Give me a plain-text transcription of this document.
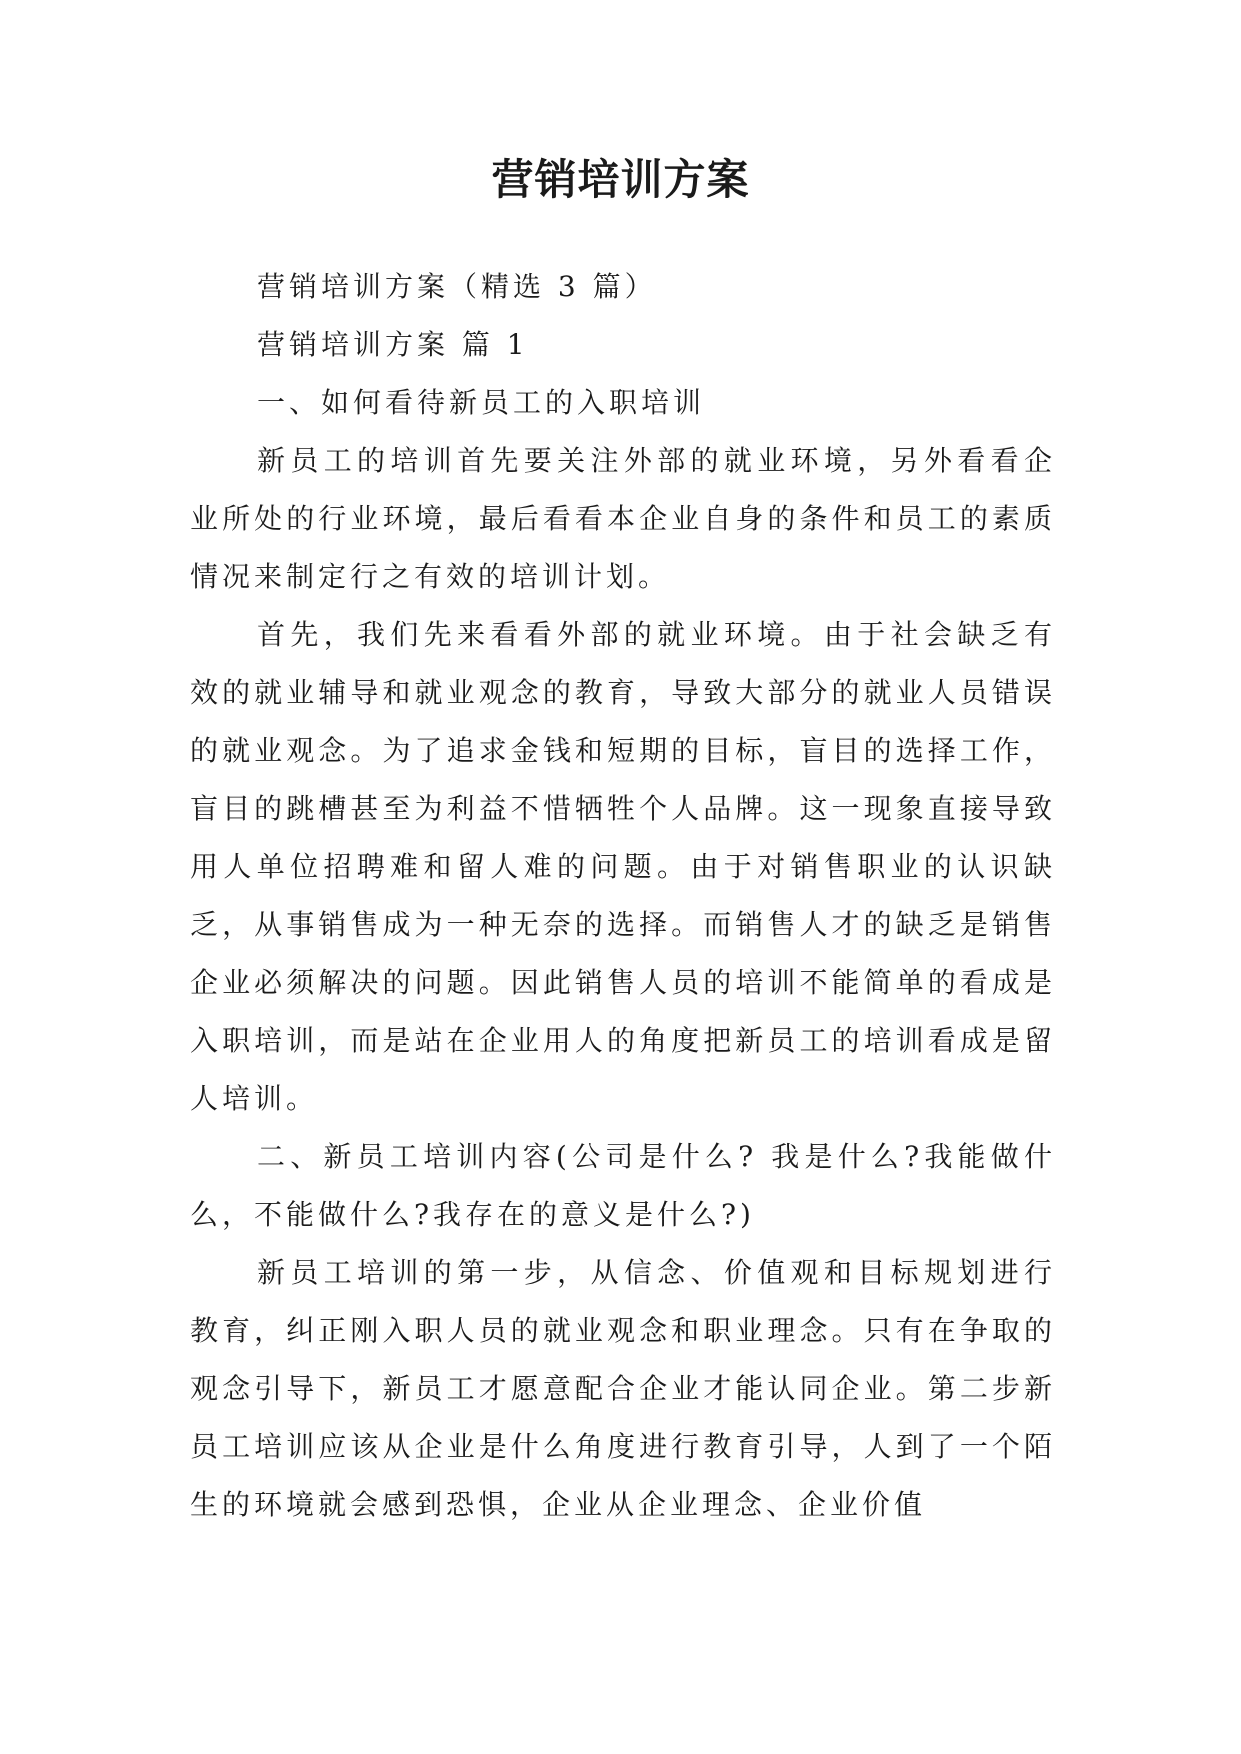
营销培训方案

营销培训方案（精选 3 篇）

营销培训方案 篇 1

一、如何看待新员工的入职培训

新员工的培训首先要关注外部的就业环境，另外看看企业所处的行业环境，最后看看本企业自身的条件和员工的素质情况来制定行之有效的培训计划。

首先，我们先来看看外部的就业环境。由于社会缺乏有效的就业辅导和就业观念的教育，导致大部分的就业人员错误的就业观念。为了追求金钱和短期的目标，盲目的选择工作，盲目的跳槽甚至为利益不惜牺牲个人品牌。这一现象直接导致用人单位招聘难和留人难的问题。由于对销售职业的认识缺乏，从事销售成为一种无奈的选择。而销售人才的缺乏是销售企业必须解决的问题。因此销售人员的培训不能简单的看成是入职培训，而是站在企业用人的角度把新员工的培训看成是留人培训。

二、新员工培训内容(公司是什么? 我是什么?我能做什么，不能做什么?我存在的意义是什么?)

新员工培训的第一步，从信念、价值观和目标规划进行教育，纠正刚入职人员的就业观念和职业理念。只有在争取的观念引导下，新员工才愿意配合企业才能认同企业。第二步新员工培训应该从企业是什么角度进行教育引导，人到了一个陌生的环境就会感到恐惧，企业从企业理念、企业价值
